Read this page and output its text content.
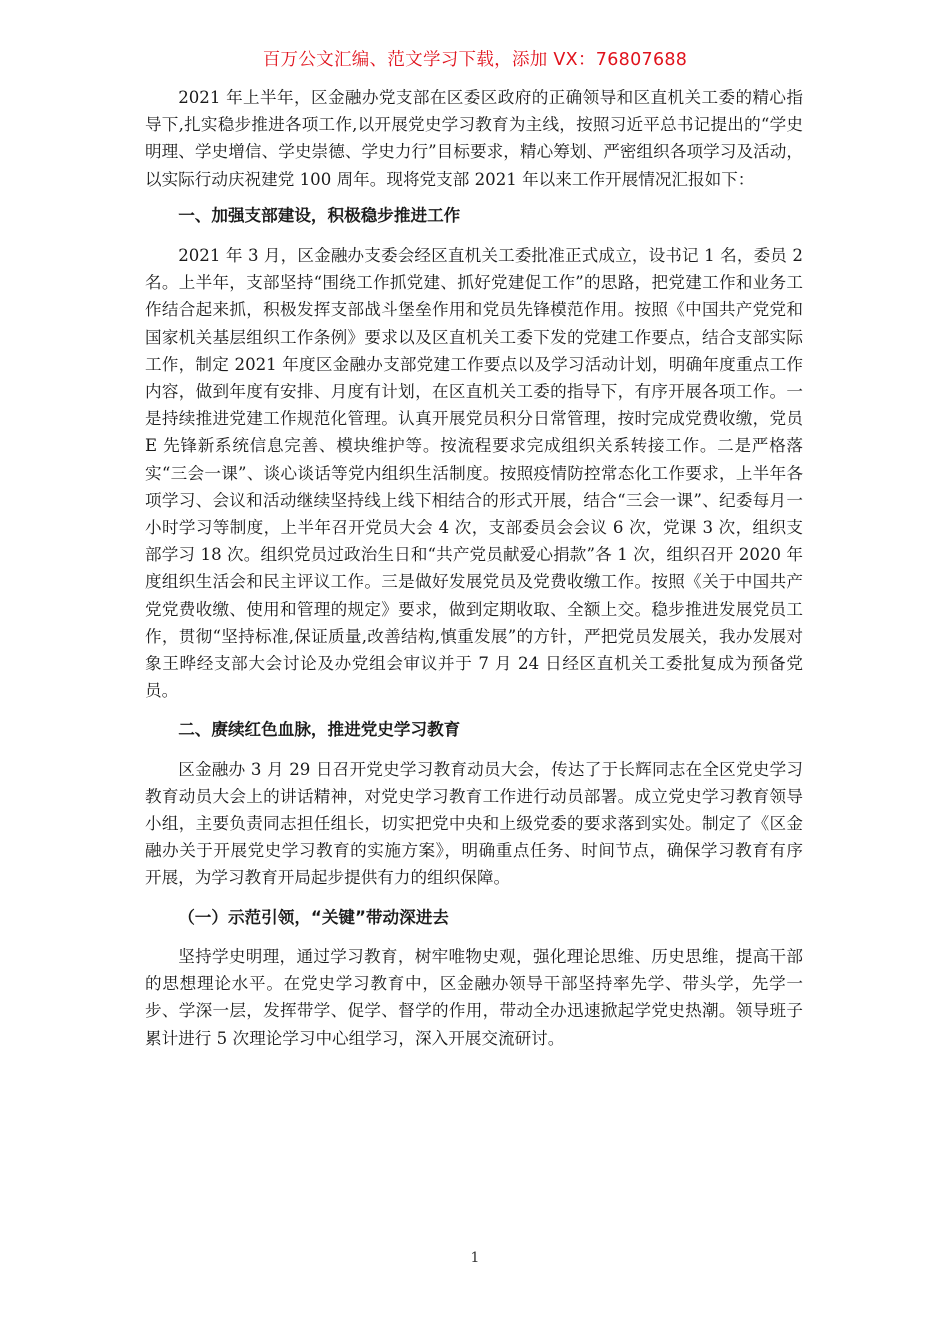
百万公文汇编、范文学习下载，添加 VX：76807688

2021 年上半年，区金融办党支部在区委区政府的正确领导和区直机关工委的精心指导下,扎实稳步推进各项工作,以开展党史学习教育为主线，按照习近平总书记提出的“学史明理、学史增信、学史崇德、学史力行”目标要求，精心筹划、严密组织各项学习及活动，以实际行动庆祝建党 100 周年。现将党支部 2021 年以来工作开展情况汇报如下：

一、加强支部建设，积极稳步推进工作

2021 年 3 月，区金融办支委会经区直机关工委批准正式成立，设书记 1 名，委员 2 名。上半年，支部坚持“围绕工作抓党建、抓好党建促工作”的思路，把党建工作和业务工作结合起来抓，积极发挥支部战斗堡垒作用和党员先锋模范作用。按照《中国共产党党和国家机关基层组织工作条例》要求以及区直机关工委下发的党建工作要点，结合支部实际工作，制定 2021 年度区金融办支部党建工作要点以及学习活动计划，明确年度重点工作内容，做到年度有安排、月度有计划，在区直机关工委的指导下，有序开展各项工作。一是持续推进党建工作规范化管理。认真开展党员积分日常管理，按时完成党费收缴，党员 E 先锋新系统信息完善、模块维护等。按流程要求完成组织关系转接工作。二是严格落实“三会一课”、谈心谈话等党内组织生活制度。按照疫情防控常态化工作要求，上半年各项学习、会议和活动继续坚持线上线下相结合的形式开展，结合“三会一课”、纪委每月一小时学习等制度，上半年召开党员大会 4 次，支部委员会会议 6 次，党课 3 次，组织支部学习 18 次。组织党员过政治生日和“共产党员献爱心捐款”各 1 次，组织召开 2020 年度组织生活会和民主评议工作。三是做好发展党员及党费收缴工作。按照《关于中国共产党党费收缴、使用和管理的规定》要求，做到定期收取、全额上交。稳步推进发展党员工作，贯彻“坚持标准,保证质量,改善结构,慎重发展”的方针，严把党员发展关，我办发展对象王晔经支部大会讨论及办党组会审议并于 7 月 24 日经区直机关工委批复成为预备党员。

二、赓续红色血脉，推进党史学习教育

区金融办 3 月 29 日召开党史学习教育动员大会，传达了于长辉同志在全区党史学习教育动员大会上的讲话精神，对党史学习教育工作进行动员部署。成立党史学习教育领导小组，主要负责同志担任组长，切实把党中央和上级党委的要求落到实处。制定了《区金融办关于开展党史学习教育的实施方案》，明确重点任务、时间节点，确保学习教育有序 开展，为学习教育开局起步提供有力的组织保障。

（一）示范引领，“关键”带动深进去

坚持学史明理，通过学习教育，树牢唯物史观，强化理论思维、历史思维，提高干部的思想理论水平。在党史学习教育中，区金融办领导干部坚持率先学、带头学，先学一步、学深一层，发挥带学、促学、督学的作用，带动全办迅速掀起学党史热潮。领导班子累计进行 5 次理论学习中心组学习，深入开展交流研讨。

1
